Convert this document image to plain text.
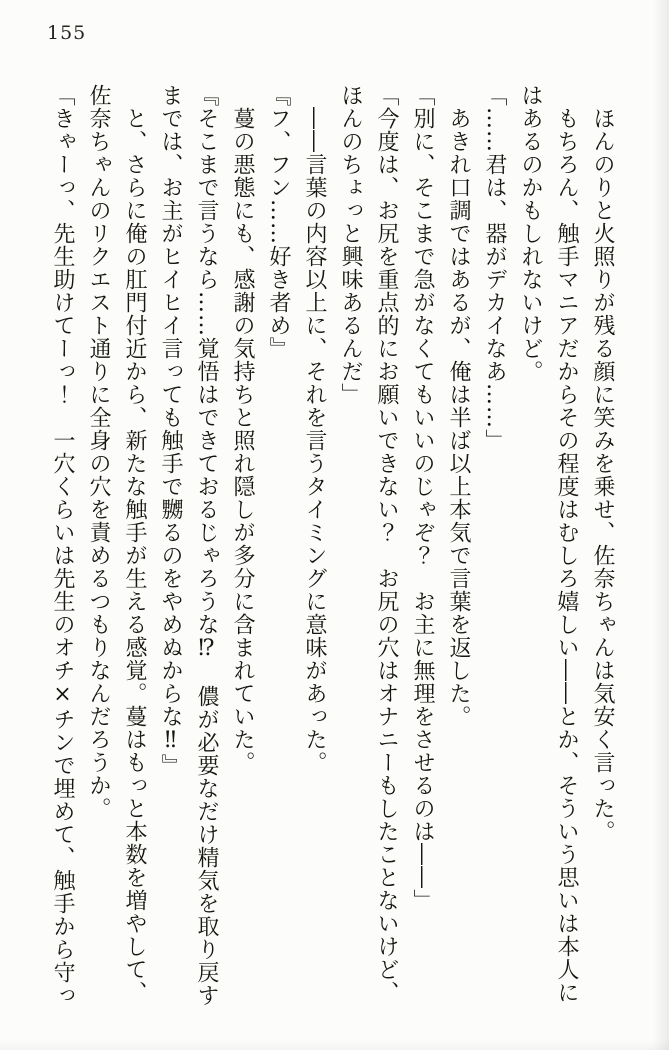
155
ほんのりと火照りが残る顔に笑みを乗せ、佐奈ちゃんは気安く言った。
もちろん、触手マニアだからその程度はむしろ嬉しい――とか、そういう思いは本人に
はあるのかもしれないけど。
「……君は、器がデカイなあ……」
あきれ口調ではあるが、俺は半ば以上本気で言葉を返した。
「別に、そこまで急がなくてもいいのじゃぞ？　お主に無理をさせるのは――」
「今度は、お尻を重点的にお願いできない？　お尻の穴はオナニーもしたことないけど、
ほんのちょっと興味あるんだ」
――言葉の内容以上に、それを言うタイミングに意味があった。
『フ、フン……好き者め』
蔓の悪態にも、感謝の気持ちと照れ隠しが多分に含まれていた。
『そこまで言うなら……覚悟はできておるじゃろうな⁉　儂が必要なだけ精気を取り戻す
までは、お主がヒイヒイ言っても触手で嬲るのをやめぬからな‼』
と、さらに俺の肛門付近から、新たな触手が生える感覚。蔓はもっと本数を増やして、
佐奈ちゃんのリクエスト通りに全身の穴を責めるつもりなんだろうか。
「きゃーっ、先生助けてーっ！　一穴くらいは先生のオチ×チンで埋めて、触手から守っ
